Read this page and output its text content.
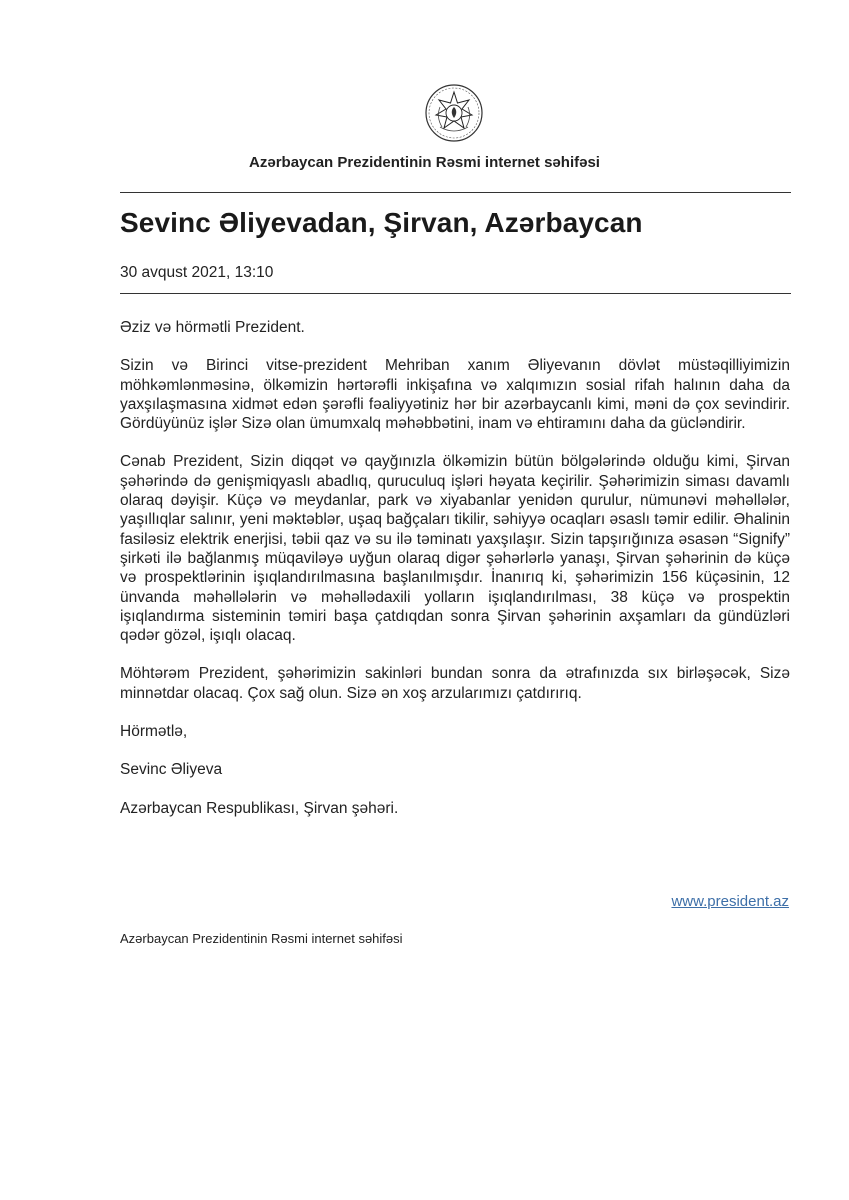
Azərbaycan Prezidentinin Rəsmi internet səhifəsi
Sevinc Əliyevadan, Şirvan, Azərbaycan
30 avqust 2021, 13:10

Əziz və hörmətli Prezident.

Sizin və Birinci vitse-prezident Mehriban xanım Əliyevanın dövlət müstəqilliyimizin möhkəmlənməsinə, ölkəmizin hərtərəfli inkişafına və xalqımızın sosial rifah halının daha da yaxşılaşmasına xidmət edən şərəfli fəaliyyətiniz hər bir azərbaycanlı kimi, məni də çox sevindirir. Gördüyünüz işlər Sizə olan ümumxalq məhəbbətini, inam və ehtiramını daha da gücləndirir.

Cənab Prezident, Sizin diqqət və qayğınızla ölkəmizin bütün bölgələrində olduğu kimi, Şirvan şəhərində də genişmiqyaslı abadlıq, quruculuq işləri həyata keçirilir. Şəhərimizin siması davamlı olaraq dəyişir. Küçə və meydanlar, park və xiyabanlar yenidən qurulur, nümunəvi məhəllələr, yaşıllıqlar salınır, yeni məktəblər, uşaq bağçaları tikilir, səhiyyə ocaqları əsaslı təmir edilir. Əhalinin fasiləsiz elektrik enerjisi, təbii qaz və su ilə təminatı yaxşılaşır. Sizin tapşırığınıza əsasən “Signify” şirkəti ilə bağlanmış müqaviləyə uyğun olaraq digər şəhərlərlə yanaşı, Şirvan şəhərinin də küçə və prospektlərinin işıqlandırılmasına başlanılmışdır. İnanırıq ki, şəhərimizin 156 küçəsinin, 12 ünvanda məhəllələrin və məhəllədaxili yolların işıqlandırılması, 38 küçə və prospektin işıqlandırma sisteminin təmiri başa çatdıqdan sonra Şirvan şəhərinin axşamları da gündüzləri qədər gözəl, işıqlı olacaq.

Möhtərəm Prezident, şəhərimizin sakinləri bundan sonra da ətrafınızda sıx birləşəcək, Sizə minnətdar olacaq. Çox sağ olun. Sizə ən xoş arzularımızı çatdırırıq.

Hörmətlə,

Sevinc Əliyeva

Azərbaycan Respublikası, Şirvan şəhəri.

www.president.az
Azərbaycan Prezidentinin Rəsmi internet səhifəsi
